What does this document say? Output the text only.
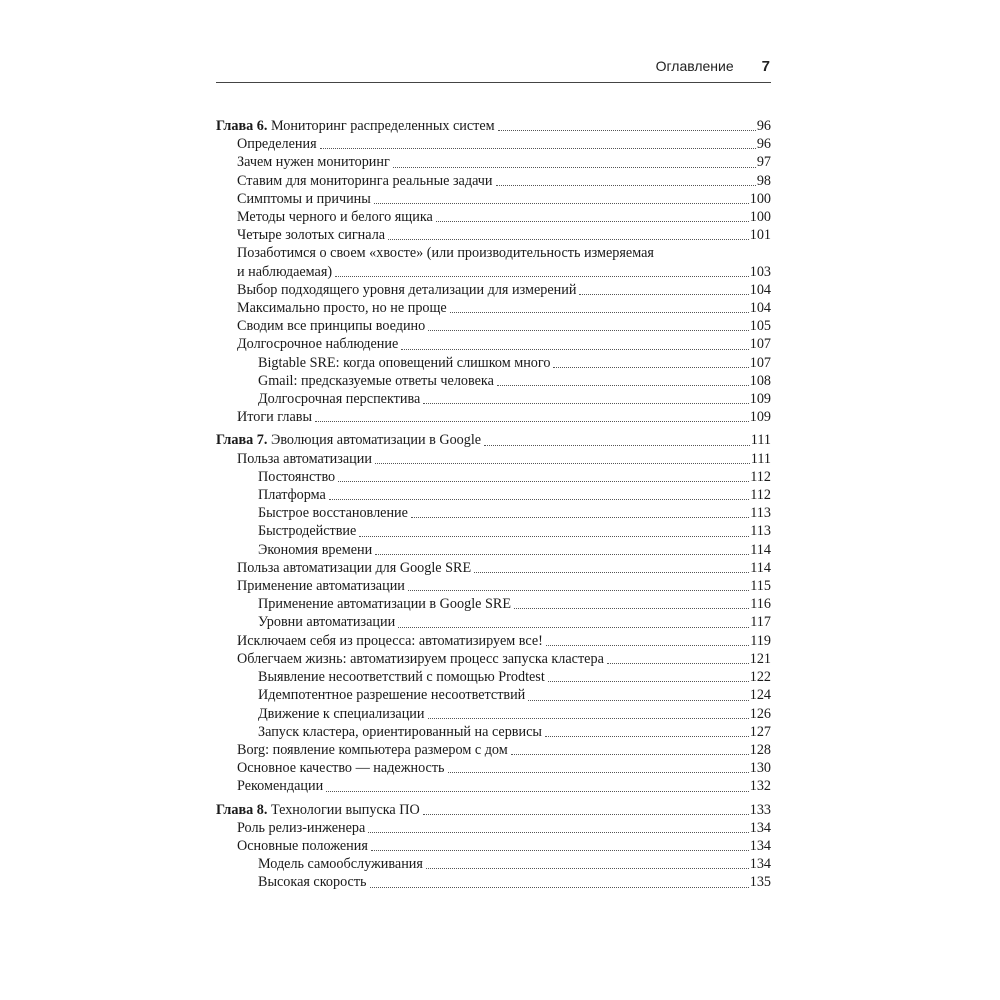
Оглавление 7
Глава 6. Мониторинг распределенных систем	96
Определения	96
Зачем нужен мониторинг	97
Ставим для мониторинга реальные задачи	98
Симптомы и причины	100
Методы черного и белого ящика	100
Четыре золотых сигнала	101
Позаботимся о своем «хвосте» (или производительность измеряемая
и наблюдаемая)	103
Выбор подходящего уровня детализации для измерений	104
Максимально просто, но не проще	104
Сводим все принципы воедино	105
Долгосрочное наблюдение	107
Bigtable SRE: когда оповещений слишком много	107
Gmail: предсказуемые ответы человека	108
Долгосрочная перспектива	109
Итоги главы	109
Глава 7. Эволюция автоматизации в Google	111
Польза автоматизации	111
Постоянство	112
Платформа	112
Быстрое восстановление	113
Быстродействие	113
Экономия времени	114
Польза автоматизации для Google SRE	114
Применение автоматизации	115
Применение автоматизации в Google SRE	116
Уровни автоматизации	117
Исключаем себя из процесса: автоматизируем все!	119
Облегчаем жизнь: автоматизируем процесс запуска кластера	121
Выявление несоответствий с помощью Prodtest	122
Идемпотентное разрешение несоответствий	124
Движение к специализации	126
Запуск кластера, ориентированный на сервисы	127
Borg: появление компьютера размером с дом	128
Основное качество — надежность	130
Рекомендации	132
Глава 8. Технологии выпуска ПО	133
Роль релиз-инженера	134
Основные положения	134
Модель самообслуживания	134
Высокая скорость	135
